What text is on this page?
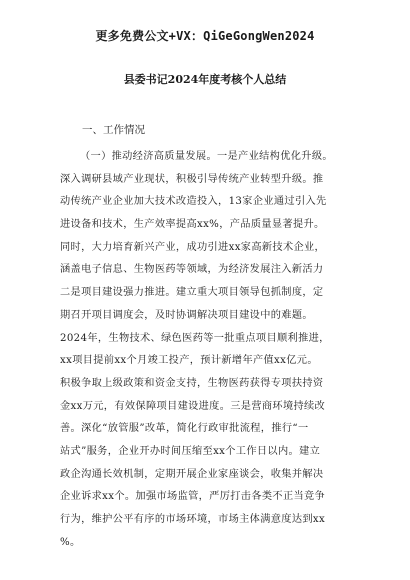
更多免费公文+VX：QiGeGongWen2024
县委书记2024年度考核个人总结
一、工作情况
（一）推动经济高质量发展。一是产业结构优化升级。
深入调研县域产业现状，积极引导传统产业转型升级。推
动传统产业企业加大技术改造投入，13家企业通过引入先
进设备和技术，生产效率提高xx%，产品质量显著提升。
同时，大力培育新兴产业，成功引进xx家高新技术企业，
涵盖电子信息、生物医药等领域，为经济发展注入新活力
二是项目建设强力推进。建立重大项目领导包抓制度，定
期召开项目调度会，及时协调解决项目建设中的难题。
2024年，生物技术、绿色医药等一批重点项目顺利推进，
xx项目提前xx个月竣工投产，预计新增年产值xx亿元。
积极争取上级政策和资金支持，生物医药获得专项扶持资
金xx万元，有效保障项目建设进度。三是营商环境持续改
善。深化“放管服”改革，简化行政审批流程，推行“一
站式”服务，企业开办时间压缩至xx个工作日以内。建立
政企沟通长效机制，定期开展企业家座谈会，收集并解决
企业诉求xx个。加强市场监管，严厉打击各类不正当竞争
行为，维护公平有序的市场环境，市场主体满意度达到xx
%。
